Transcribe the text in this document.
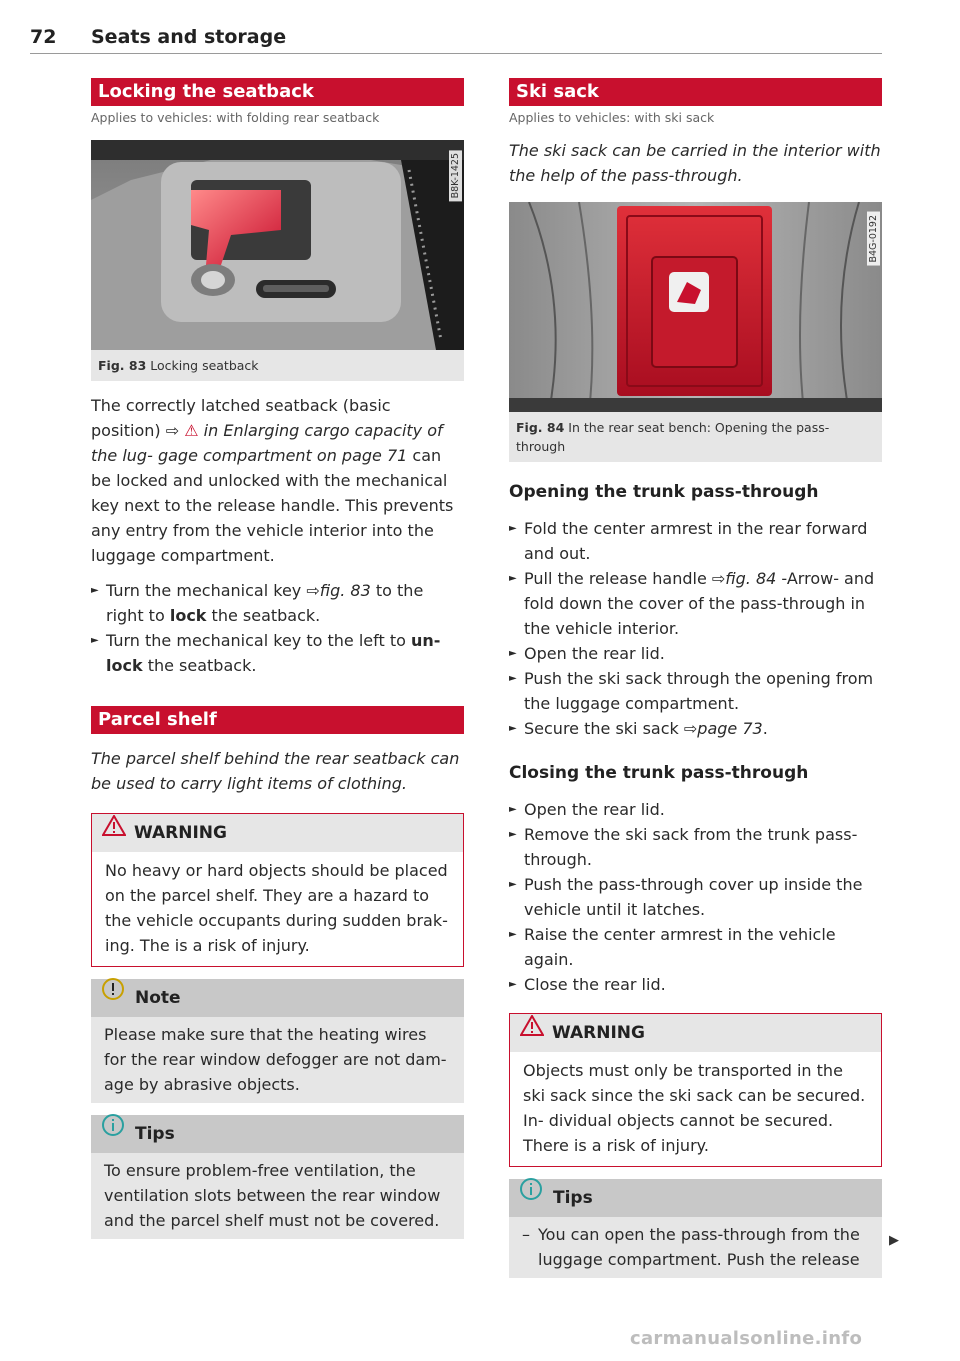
72 Seats and storage
Locking the seatback
Applies to vehicles: with folding rear seatback
B8K-1425
Fig. 83 Locking seatback

The correctly latched seatback (basic position) ⇨ ⚠ in Enlarging cargo capacity of the lug- gage compartment on page 71 can be locked and unlocked with the mechanical key next to the release handle. This prevents any entry from the vehicle interior into the luggage compartment.

► Turn the mechanical key ⇨fig. 83 to the right to lock the seatback.
► Turn the mechanical key to the left to un- lock the seatback.
Parcel shelf

The parcel shelf behind the rear seatback can be used to carry light items of clothing.

WARNING
No heavy or hard objects should be placed on the parcel shelf. They are a hazard to the vehicle occupants during sudden brak- ing. The is a risk of injury.
Note
Please make sure that the heating wires for the rear window defogger are not dam- age by abrasive objects.
Tips
To ensure problem-free ventilation, the ventilation slots between the rear window and the parcel shelf must not be covered.
Ski sack
Applies to vehicles: with ski sack

The ski sack can be carried in the interior with the help of the pass-through.

B4G-0192
Fig. 84 In the rear seat bench: Opening the pass- through
Opening the trunk pass-through
► Fold the center armrest in the rear forward and out.
► Pull the release handle ⇨fig. 84 -Arrow- and fold down the cover of the pass-through in the vehicle interior.
► Open the rear lid.
► Push the ski sack through the opening from the luggage compartment.
► Secure the ski sack ⇨page 73.
Closing the trunk pass-through
► Open the rear lid.
► Remove the ski sack from the trunk pass- through.
► Push the pass-through cover up inside the vehicle until it latches.
► Raise the center armrest in the vehicle again.
► Close the rear lid.
WARNING
Objects must only be transported in the ski sack since the ski sack can be secured. In- dividual objects cannot be secured. There is a risk of injury.
Tips
– You can open the pass-through from the luggage compartment. Push the release
▶
carmanualsonline.info
